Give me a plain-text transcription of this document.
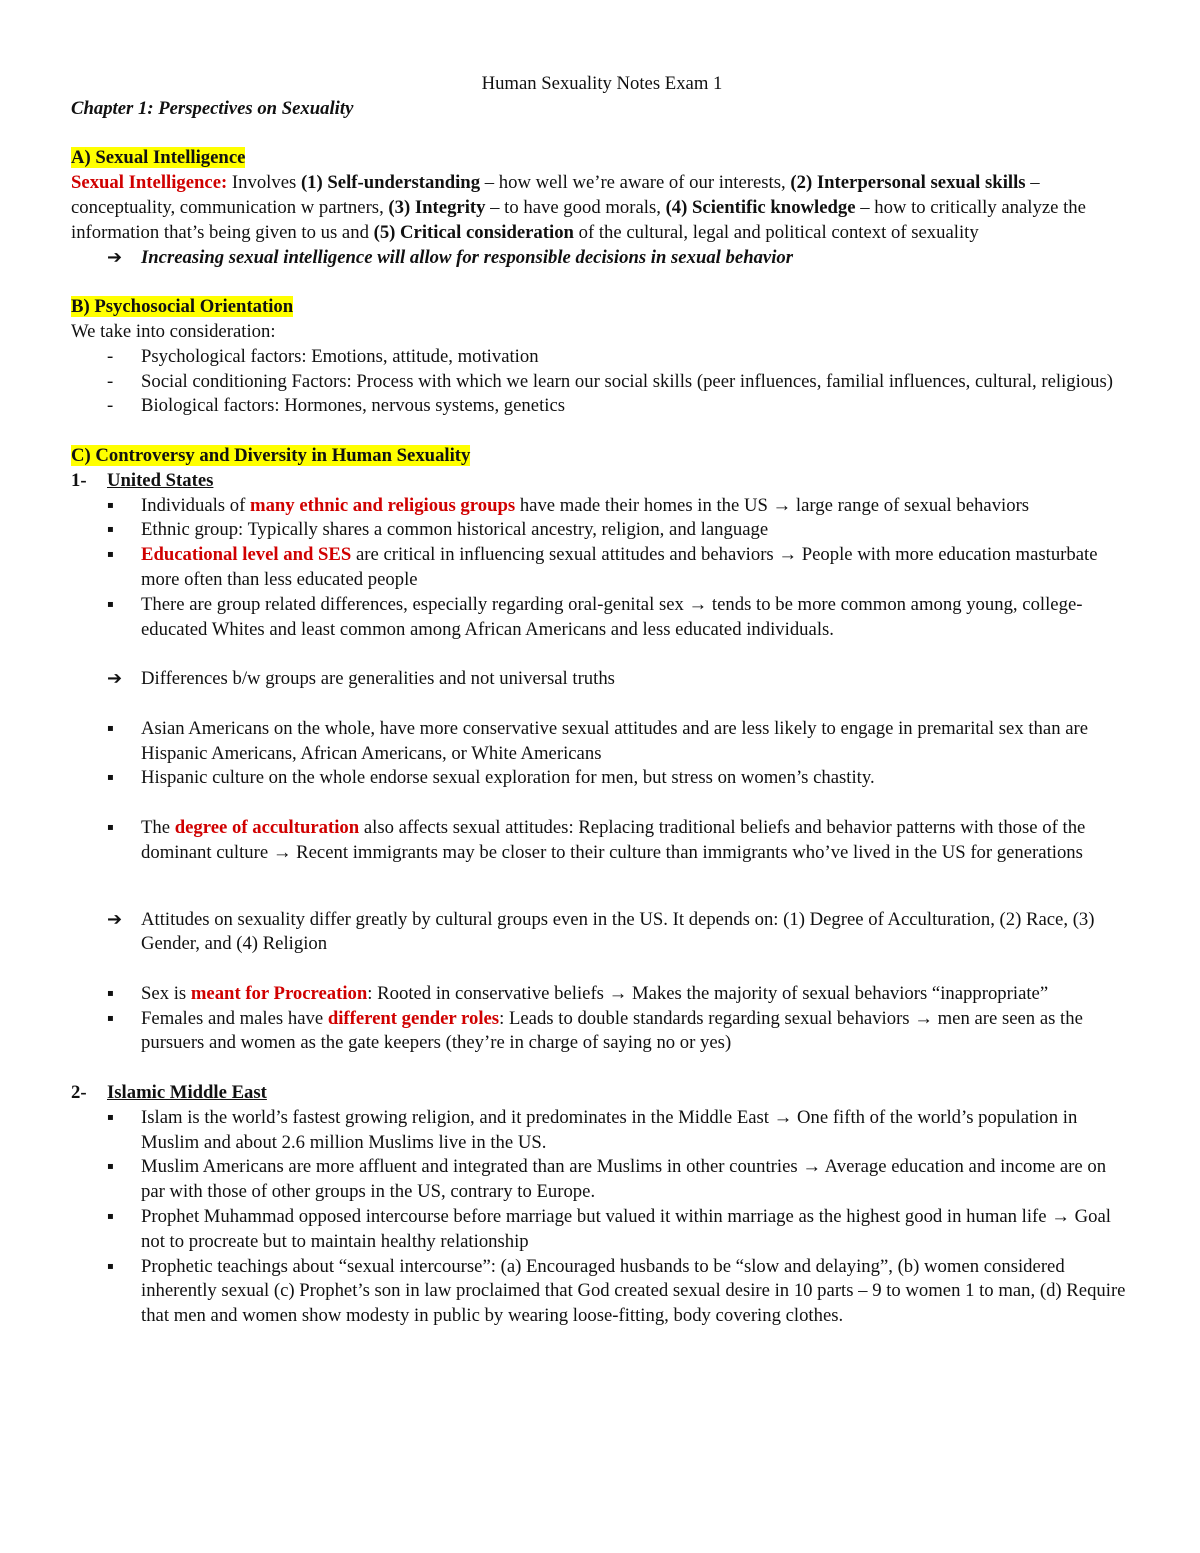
Human Sexuality Notes Exam 1

Chapter 1: Perspectives on Sexuality

A) Sexual Intelligence

Sexual Intelligence: Involves (1) Self-understanding – how well we’re aware of our interests, (2) Interpersonal sexual skills – conceptuality, communication w partners, (3) Integrity – to have good morals, (4) Scientific knowledge – how to critically analyze the information that’s being given to us and (5) Critical consideration of the cultural, legal and political context of sexuality

➔	Increasing sexual intelligence will allow for responsible decisions in sexual behavior

B) Psychosocial Orientation

We take into consideration:

-	Psychological factors: Emotions, attitude, motivation
-	Social conditioning Factors: Process with which we learn our social skills (peer influences, familial influences, cultural, religious)
-	Biological factors: Hormones, nervous systems, genetics

C) Controversy and Diversity in Human Sexuality

1-	United States
▪	Individuals of many ethnic and religious groups have made their homes in the US → large range of sexual behaviors
▪	Ethnic group: Typically shares a common historical ancestry, religion, and language
▪	Educational level and SES are critical in influencing sexual attitudes and behaviors → People with more education masturbate more often than less educated people
▪	There are group related differences, especially regarding oral-genital sex → tends to be more common among young, college-educated Whites and least common among African Americans and less educated individuals.
➔	Differences b/w groups are generalities and not universal truths
▪	Asian Americans on the whole, have more conservative sexual attitudes and are less likely to engage in premarital sex than are Hispanic Americans, African Americans, or White Americans
▪	Hispanic culture on the whole endorse sexual exploration for men, but stress on women’s chastity.
▪	The degree of acculturation also affects sexual attitudes: Replacing traditional beliefs and behavior patterns with those of the dominant culture → Recent immigrants may be closer to their culture than immigrants who’ve lived in the US for generations
➔	Attitudes on sexuality differ greatly by cultural groups even in the US. It depends on: (1) Degree of Acculturation, (2) Race, (3) Gender, and (4) Religion
▪	Sex is meant for Procreation: Rooted in conservative beliefs → Makes the majority of sexual behaviors “inappropriate”
▪	Females and males have different gender roles: Leads to double standards regarding sexual behaviors → men are seen as the pursuers and women as the gate keepers (they’re in charge of saying no or yes)
2-	Islamic Middle East
▪	Islam is the world’s fastest growing religion, and it predominates in the Middle East → One fifth of the world’s population in Muslim and about 2.6 million Muslims live in the US.
▪	Muslim Americans are more affluent and integrated than are Muslims in other countries → Average education and income are on par with those of other groups in the US, contrary to Europe.
▪	Prophet Muhammad opposed intercourse before marriage but valued it within marriage as the highest good in human life → Goal not to procreate but to maintain healthy relationship
▪	Prophetic teachings about “sexual intercourse”: (a) Encouraged husbands to be “slow and delaying”, (b) women considered inherently sexual (c) Prophet’s son in law proclaimed that God created sexual desire in 10 parts – 9 to women 1 to man, (d) Require that men and women show modesty in public by wearing loose-fitting, body covering clothes.
